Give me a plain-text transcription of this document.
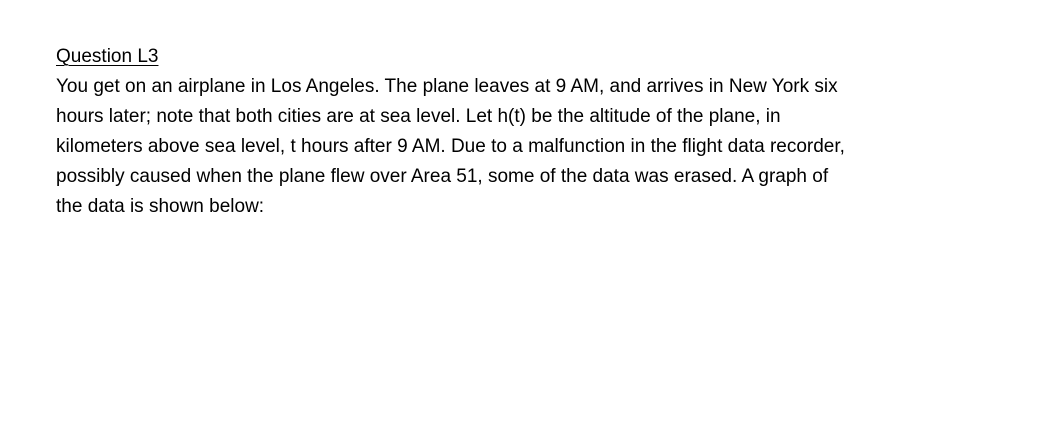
Question L3
You get on an airplane in Los Angeles. The plane leaves at 9 AM, and arrives in New York six
hours later; note that both cities are at sea level. Let h(t) be the altitude of the plane, in
kilometers above sea level, t hours after 9 AM. Due to a malfunction in the flight data recorder,
possibly caused when the plane flew over Area 51, some of the data was erased. A graph of
the data is shown below:
